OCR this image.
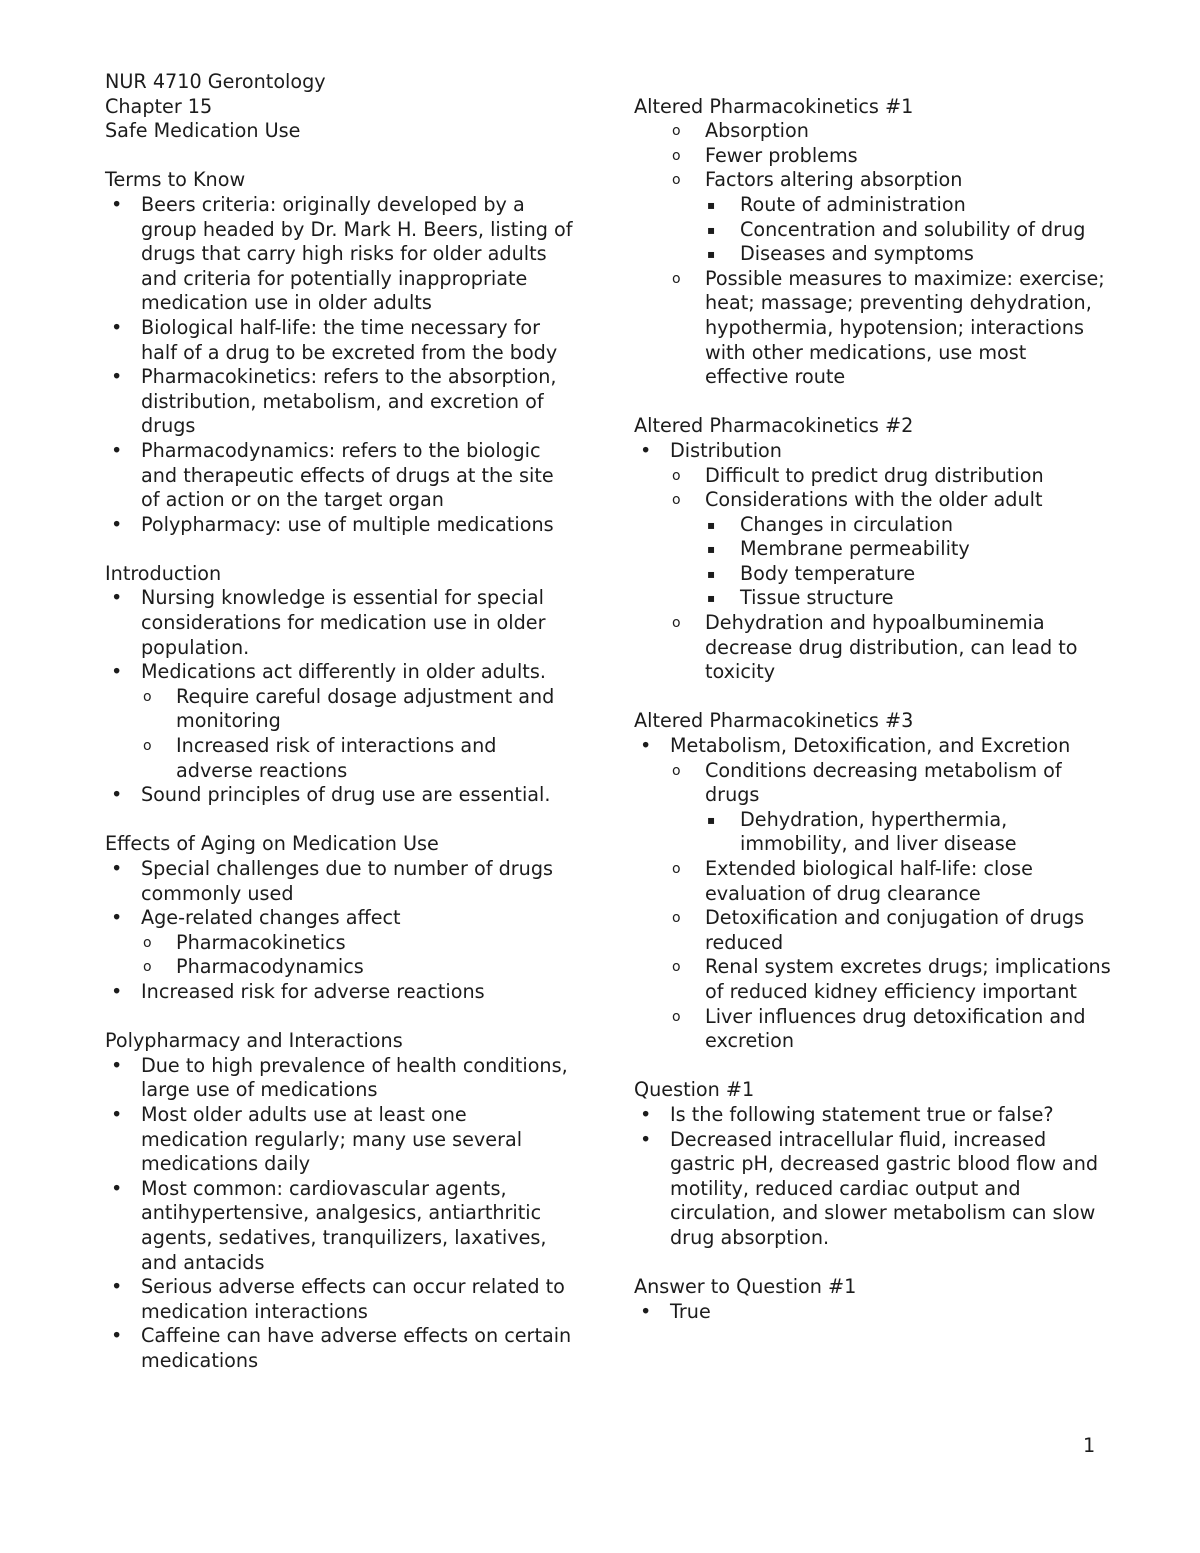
NUR 4710 Gerontology
Chapter 15
Safe Medication Use
Terms to Know
• Beers criteria: originally developed by a group headed by Dr. Mark H. Beers, listing of drugs that carry high risks for older adults and criteria for potentially inappropriate medication use in older adults
• Biological half-life: the time necessary for half of a drug to be excreted from the body
• Pharmacokinetics: refers to the absorption, distribution, metabolism, and excretion of drugs
• Pharmacodynamics: refers to the biologic and therapeutic effects of drugs at the site of action or on the target organ
• Polypharmacy: use of multiple medications
Introduction
• Nursing knowledge is essential for special considerations for medication use in older population.
• Medications act differently in older adults.
o Require careful dosage adjustment and monitoring
o Increased risk of interactions and adverse reactions
• Sound principles of drug use are essential.
Effects of Aging on Medication Use
• Special challenges due to number of drugs commonly used
• Age-related changes affect
o Pharmacokinetics
o Pharmacodynamics
• Increased risk for adverse reactions
Polypharmacy and Interactions
• Due to high prevalence of health conditions, large use of medications
• Most older adults use at least one medication regularly; many use several medications daily
• Most common: cardiovascular agents, antihypertensive, analgesics, antiarthritic agents, sedatives, tranquilizers, laxatives, and antacids
• Serious adverse effects can occur related to medication interactions
• Caffeine can have adverse effects on certain medications
Altered Pharmacokinetics #1
o Absorption
o Fewer problems
o Factors altering absorption
▪ Route of administration
▪ Concentration and solubility of drug
▪ Diseases and symptoms
o Possible measures to maximize: exercise; heat; massage; preventing dehydration, hypothermia, hypotension; interactions with other medications, use most effective route
Altered Pharmacokinetics #2
• Distribution
o Difficult to predict drug distribution
o Considerations with the older adult
▪ Changes in circulation
▪ Membrane permeability
▪ Body temperature
▪ Tissue structure
o Dehydration and hypoalbuminemia decrease drug distribution, can lead to toxicity
Altered Pharmacokinetics #3
• Metabolism, Detoxification, and Excretion
o Conditions decreasing metabolism of drugs
▪ Dehydration, hyperthermia, immobility, and liver disease
o Extended biological half-life: close evaluation of drug clearance
o Detoxification and conjugation of drugs reduced
o Renal system excretes drugs; implications of reduced kidney efficiency important
o Liver influences drug detoxification and excretion
Question #1
• Is the following statement true or false?
• Decreased intracellular fluid, increased gastric pH, decreased gastric blood flow and motility, reduced cardiac output and circulation, and slower metabolism can slow drug absorption.
Answer to Question #1
• True
1
